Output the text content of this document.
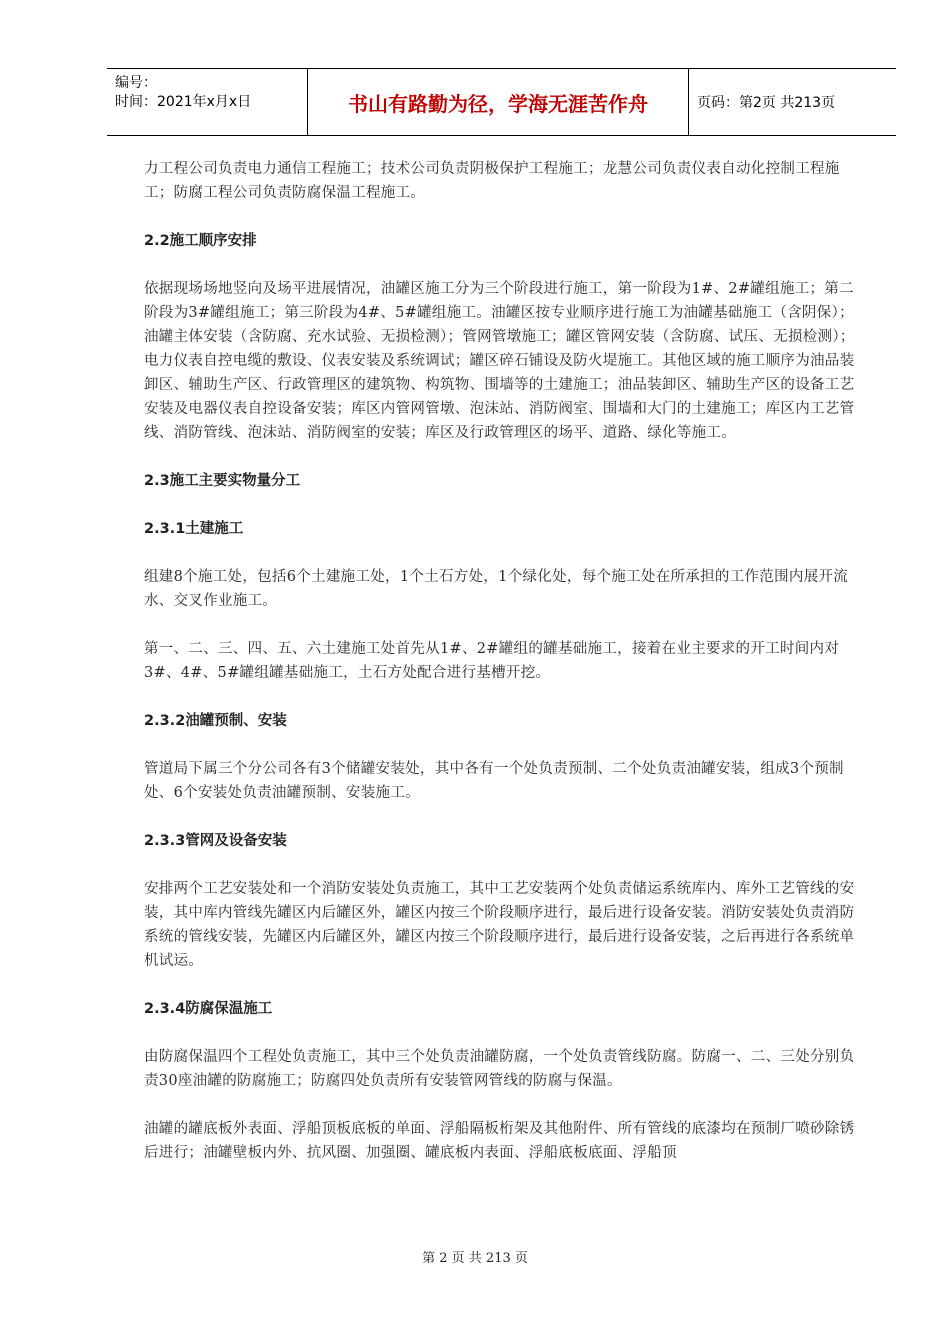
编号：
时间：2021年x月x日	书山有路勤为径，学海无涯苦作舟	页码：第2页 共213页

力工程公司负责电力通信工程施工；技术公司负责阴极保护工程施工；龙慧公司负责仪表自动化控制工程施工；防腐工程公司负责防腐保温工程施工。

2.2施工顺序安排

依据现场场地竖向及场平进展情况，油罐区施工分为三个阶段进行施工，第一阶段为1#、2#罐组施工；第二阶段为3#罐组施工；第三阶段为4#、5#罐组施工。油罐区按专业顺序进行施工为油罐基础施工（含阴保）；油罐主体安装（含防腐、充水试验、无损检测）；管网管墩施工；罐区管网安装（含防腐、试压、无损检测）；电力仪表自控电缆的敷设、仪表安装及系统调试；罐区碎石铺设及防火堤施工。其他区域的施工顺序为油品装卸区、辅助生产区、行政管理区的建筑物、构筑物、围墙等的土建施工；油品装卸区、辅助生产区的设备工艺安装及电器仪表自控设备安装；库区内管网管墩、泡沫站、消防阀室、围墙和大门的土建施工；库区内工艺管线、消防管线、泡沫站、消防阀室的安装；库区及行政管理区的场平、道路、绿化等施工。

2.3施工主要实物量分工
2.3.1土建施工

组建8个施工处，包括6个土建施工处，1个土石方处，1个绿化处，每个施工处在所承担的工作范围内展开流水、交叉作业施工。

第一、二、三、四、五、六土建施工处首先从1#、2#罐组的罐基础施工，接着在业主要求的开工时间内对3#、4#、5#罐组罐基础施工，土石方处配合进行基槽开挖。

2.3.2油罐预制、安装

管道局下属三个分公司各有3个储罐安装处，其中各有一个处负责预制、二个处负责油罐安装，组成3个预制处、6个安装处负责油罐预制、安装施工。

2.3.3管网及设备安装

安排两个工艺安装处和一个消防安装处负责施工，其中工艺安装两个处负责储运系统库内、库外工艺管线的安装，其中库内管线先罐区内后罐区外，罐区内按三个阶段顺序进行，最后进行设备安装。消防安装处负责消防系统的管线安装，先罐区内后罐区外，罐区内按三个阶段顺序进行，最后进行设备安装，之后再进行各系统单机试运。

2.3.4防腐保温施工

由防腐保温四个工程处负责施工，其中三个处负责油罐防腐，一个处负责管线防腐。防腐一、二、三处分别负责30座油罐的防腐施工；防腐四处负责所有安装管网管线的防腐与保温。

油罐的罐底板外表面、浮船顶板底板的单面、浮船隔板桁架及其他附件、所有管线的底漆均在预制厂喷砂除锈后进行；油罐壁板内外、抗风圈、加强圈、罐底板内表面、浮船底板底面、浮船顶

第 2 页 共 213 页
